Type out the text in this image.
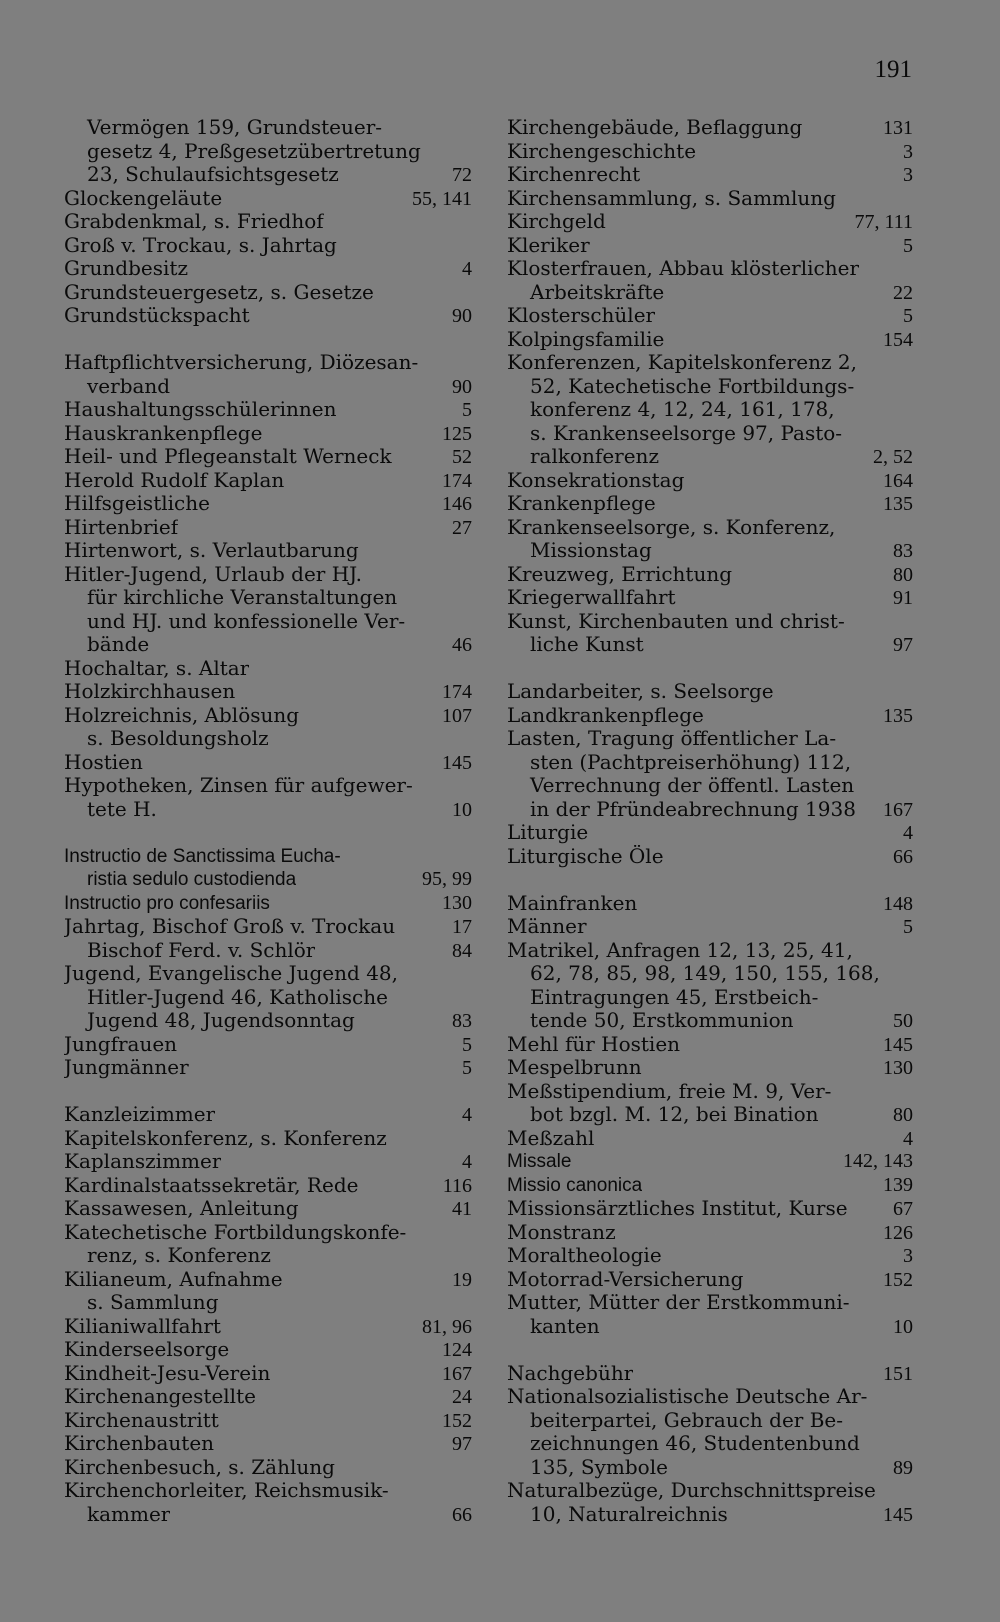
191
Vermögen 159, Grundsteuer-
gesetz 4, Preßgesetzübertretung
23, Schulaufsichtsgesetz	72
Glockengeläute	55, 141
Grabdenkmal, s. Friedhof
Groß v. Trockau, s. Jahrtag
Grundbesitz	4
Grundsteuergesetz, s. Gesetze
Grundstückspacht	90
Haftpflichtversicherung, Diözesan-
verband	90
Haushaltungsschülerinnen	5
Hauskrankenpflege	125
Heil- und Pflegeanstalt Werneck	52
Herold Rudolf Kaplan	174
Hilfsgeistliche	146
Hirtenbrief	27
Hirtenwort, s. Verlautbarung
Hitler-Jugend, Urlaub der HJ.
für kirchliche Veranstaltungen
und HJ. und konfessionelle Ver-
bände	46
Hochaltar, s. Altar
Holzkirchhausen	174
Holzreichnis, Ablösung	107
s. Besoldungsholz
Hostien	145
Hypotheken, Zinsen für aufgewer-
tete H.	10
Instructio de Sanctissima Eucha-
ristia sedulo custodienda	95, 99
Instructio pro confesariis	130
Jahrtag, Bischof Groß v. Trockau	17
Bischof Ferd. v. Schlör	84
Jugend, Evangelische Jugend 48,
Hitler-Jugend 46, Katholische
Jugend 48, Jugendsonntag	83
Jungfrauen	5
Jungmänner	5
Kanzleizimmer	4
Kapitelskonferenz, s. Konferenz
Kaplanszimmer	4
Kardinalstaatssekretär, Rede	116
Kassawesen, Anleitung	41
Katechetische Fortbildungskonfe-
renz, s. Konferenz
Kilianeum, Aufnahme	19
s. Sammlung
Kilianiwallfahrt	81, 96
Kinderseelsorge	124
Kindheit-Jesu-Verein	167
Kirchenangestellte	24
Kirchenaustritt	152
Kirchenbauten	97
Kirchenbesuch, s. Zählung
Kirchenchorleiter, Reichsmusik-
kammer	66
Kirchengebäude, Beflaggung	131
Kirchengeschichte	3
Kirchenrecht	3
Kirchensammlung, s. Sammlung
Kirchgeld	77, 111
Kleriker	5
Klosterfrauen, Abbau klösterlicher
Arbeitskräfte	22
Klosterschüler	5
Kolpingsfamilie	154
Konferenzen, Kapitelskonferenz 2,
52, Katechetische Fortbildungs-
konferenz 4, 12, 24, 161, 178,
s. Krankenseelsorge 97, Pasto-
ralkonferenz	2, 52
Konsekrationstag	164
Krankenpflege	135
Krankenseelsorge, s. Konferenz,
Missionstag	83
Kreuzweg, Errichtung	80
Kriegerwallfahrt	91
Kunst, Kirchenbauten und christ-
liche Kunst	97
Landarbeiter, s. Seelsorge
Landkrankenpflege	135
Lasten, Tragung öffentlicher La-
sten (Pachtpreiserhöhung) 112,
Verrechnung der öffentl. Lasten
in der Pfründeabrechnung 1938	167
Liturgie	4
Liturgische Öle	66
Mainfranken	148
Männer	5
Matrikel, Anfragen 12, 13, 25, 41,
62, 78, 85, 98, 149, 150, 155, 168,
Eintragungen 45, Erstbeich-
tende 50, Erstkommunion	50
Mehl für Hostien	145
Mespelbrunn	130
Meßstipendium, freie M. 9, Ver-
bot bzgl. M. 12, bei Bination	80
Meßzahl	4
Missale	142, 143
Missio canonica	139
Missionsärztliches Institut, Kurse	67
Monstranz	126
Moraltheologie	3
Motorrad-Versicherung	152
Mutter, Mütter der Erstkommuni-
kanten	10
Nachgebühr	151
Nationalsozialistische Deutsche Ar-
beiterpartei, Gebrauch der Be-
zeichnungen 46, Studentenbund
135, Symbole	89
Naturalbezüge, Durchschnittspreise
10, Naturalreichnis	145
